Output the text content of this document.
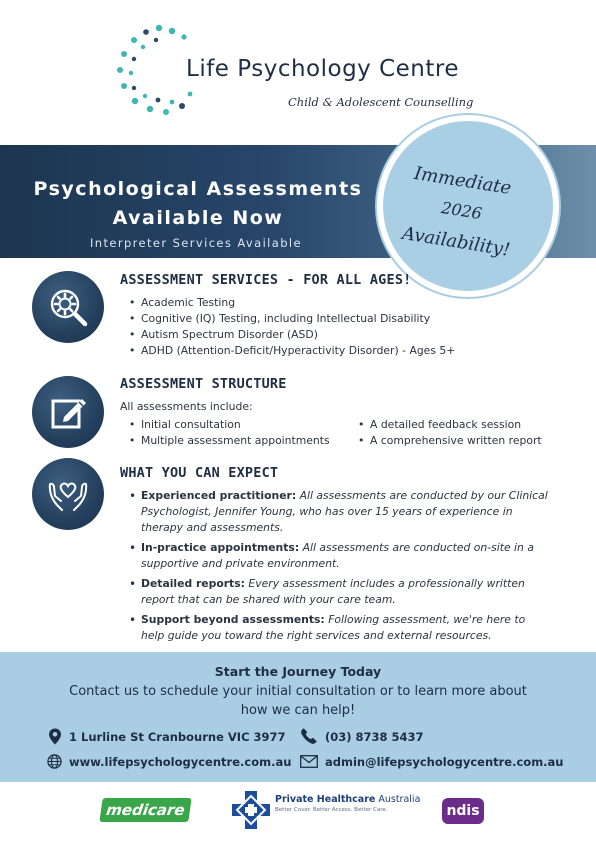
Life Psychology Centre
Child & Adolescent Counselling
Psychological Assessments
Available Now
Interpreter Services Available
Immediate
2026
Availability!
ASSESSMENT SERVICES - FOR ALL AGES!
• Academic Testing
• Cognitive (IQ) Testing, including Intellectual Disability
• Autism Spectrum Disorder (ASD)
• ADHD (Attention-Deficit/Hyperactivity Disorder) - Ages 5+
ASSESSMENT STRUCTURE
All assessments include:
• Initial consultation
• Multiple assessment appointments
• A detailed feedback session
• A comprehensive written report
WHAT YOU CAN EXPECT
• Experienced practitioner: All assessments are conducted by our Clinical Psychologist, Jennifer Young, who has over 15 years of experience in therapy and assessments.
• In-practice appointments: All assessments are conducted on-site in a supportive and private environment.
• Detailed reports: Every assessment includes a professionally written report that can be shared with your care team.
• Support beyond assessments: Following assessment, we're here to help guide you toward the right services and external resources.
Start the Journey Today
Contact us to schedule your initial consultation or to learn more about
how we can help!
1 Lurline St Cranbourne VIC 3977	(03) 8738 5437
www.lifepsychologycentre.com.au	admin@lifepsychologycentre.com.au
medicare
Private Healthcare Australia
Better Cover. Better Access. Better Care.	ndis
